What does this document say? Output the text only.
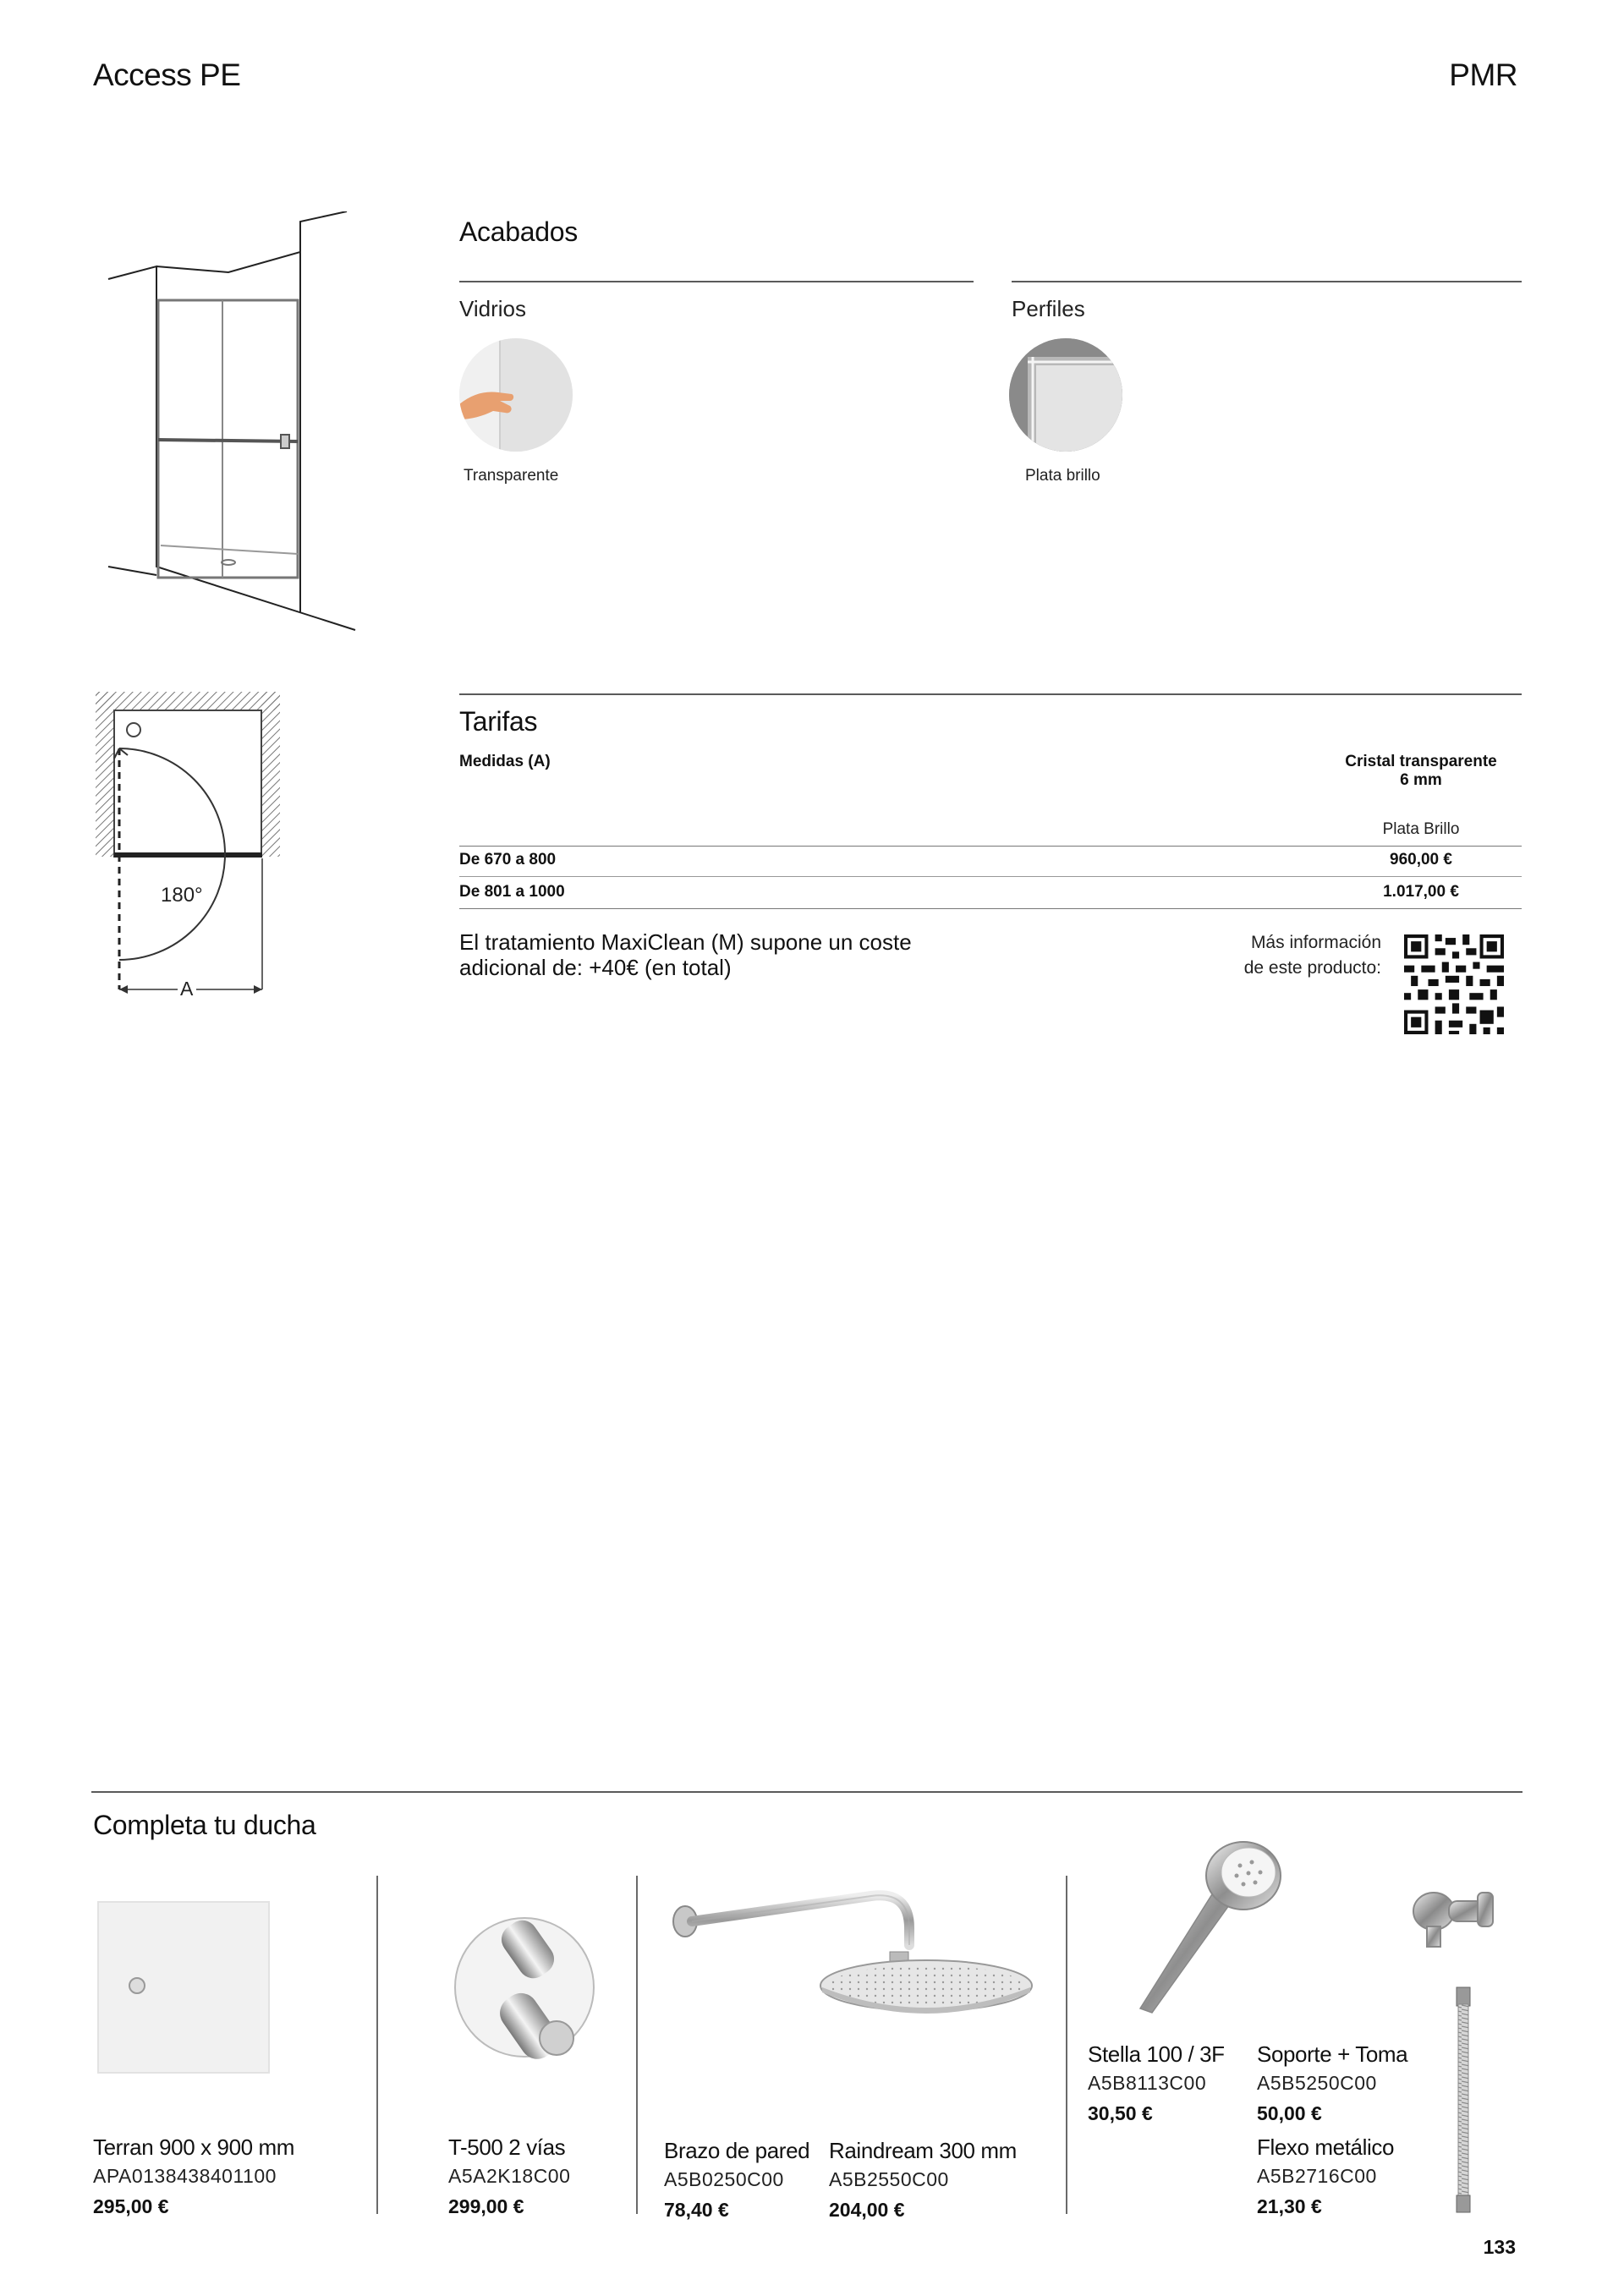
Access PE	PMR
180°
A
Acabados
Vidrios	Perfiles
Transparente	Plata brillo
Tarifas
Medidas (A)	Cristal transparente
6 mm
Plata Brillo
De 670 a 800	960,00 €
De 801 a 1000	1.017,00 €
El tratamiento MaxiClean (M) supone un coste
adicional de: +40€ (en total)
Más información
de este producto:
Completa tu ducha
Terran 900 x 900 mm
APA0138438401100
295,00 €
T-500 2 vías
A5A2K18C00
299,00 €
Brazo de pared
A5B0250C00
78,40 €
Raindream 300 mm
A5B2550C00
204,00 €
Stella 100 / 3F
A5B8113C00
30,50 €
Soporte + Toma
A5B5250C00
50,00 €
Flexo metálico
A5B2716C00
21,30 €
133
